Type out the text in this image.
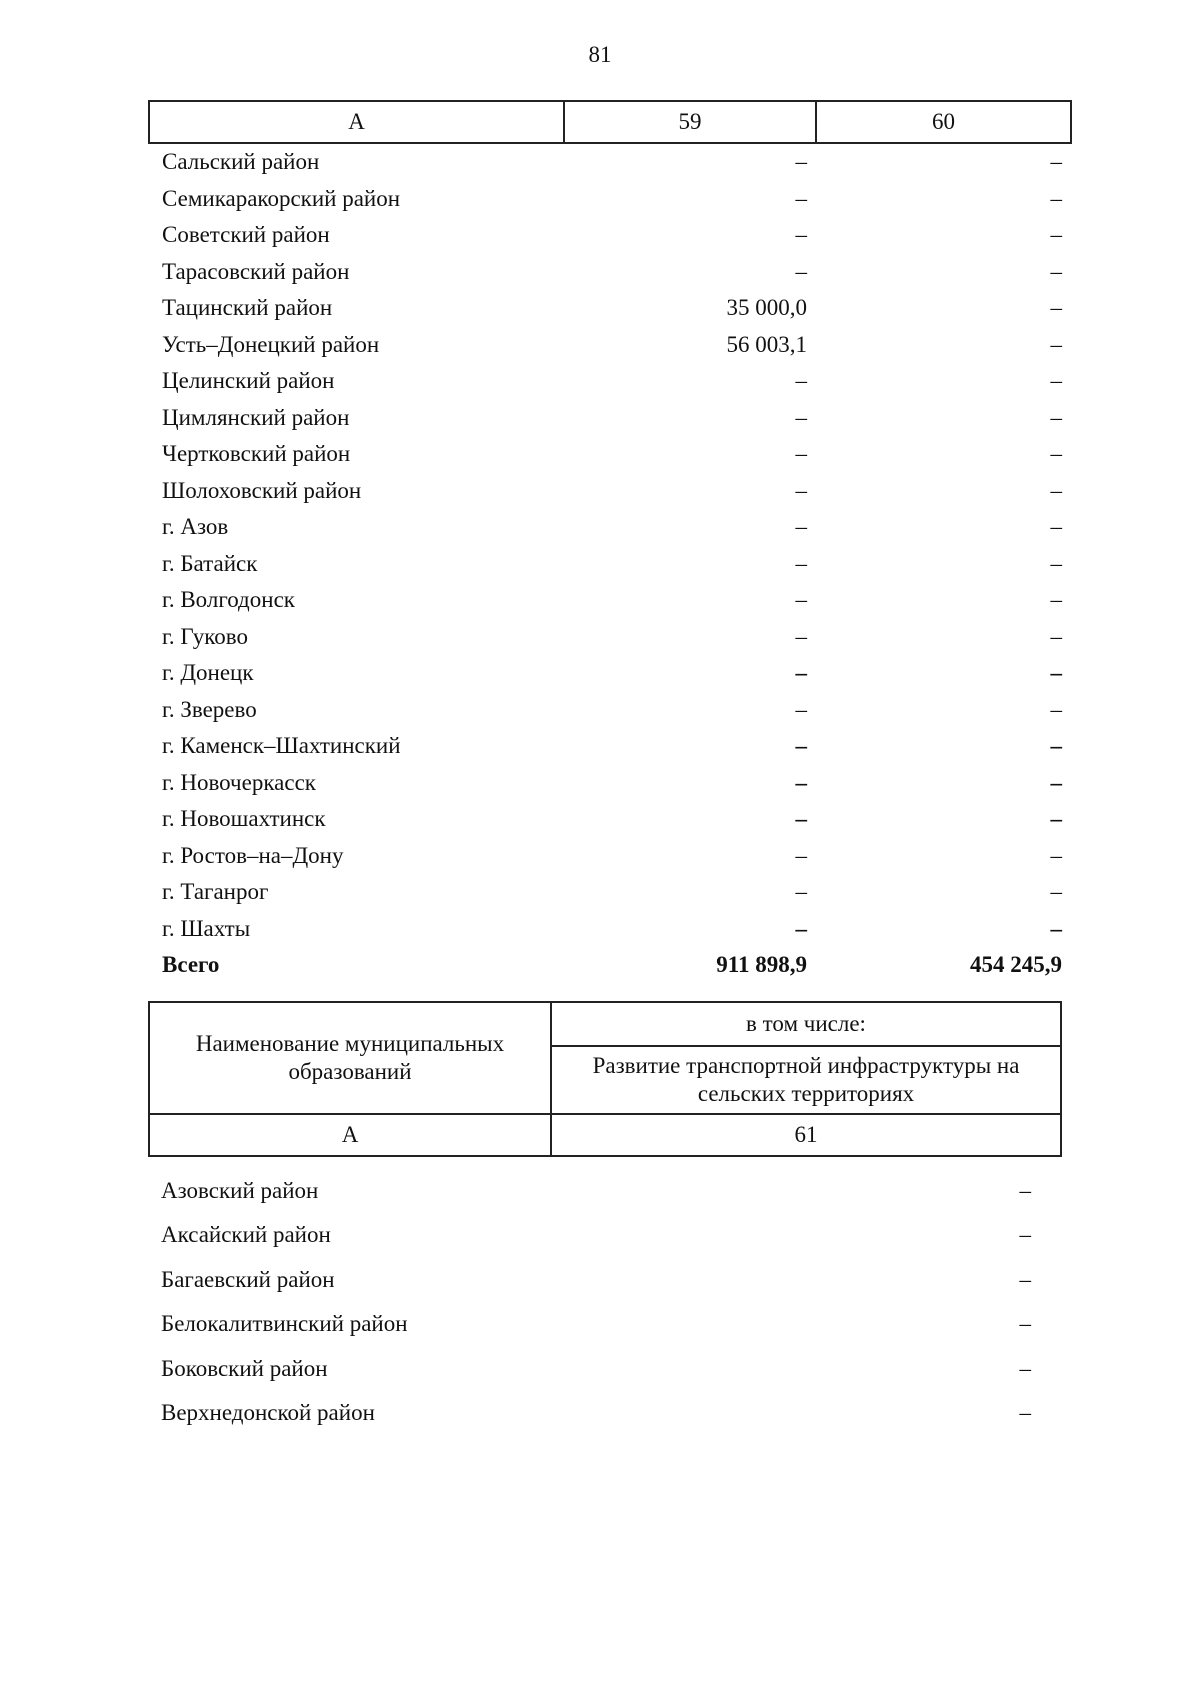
81
А	59	60
Сальский район	–	–
Семикаракорский район	–	–
Советский район	–	–
Тарасовский район	–	–
Тацинский район	35 000,0	–
Усть–Донецкий район	56 003,1	–
Целинский район	–	–
Цимлянский район	–	–
Чертковский район	–	–
Шолоховский район	–	–
г. Азов	–	–
г. Батайск	–	–
г. Волгодонск	–	–
г. Гуково	–	–
г. Донецк	–	–
г. Зверево	–	–
г. Каменск–Шахтинский	–	–
г. Новочеркасск	–	–
г. Новошахтинск	–	–
г. Ростов–на–Дону	–	–
г. Таганрог	–	–
г. Шахты	–	–
Всего	911 898,9	454 245,9
Наименование муниципальных образований	в том числе:
	Развитие транспортной инфраструктуры на сельских территориях
А	61
Азовский район	–
Аксайский район	–
Багаевский район	–
Белокалитвинский район	–
Боковский район	–
Верхнедонской район	–
